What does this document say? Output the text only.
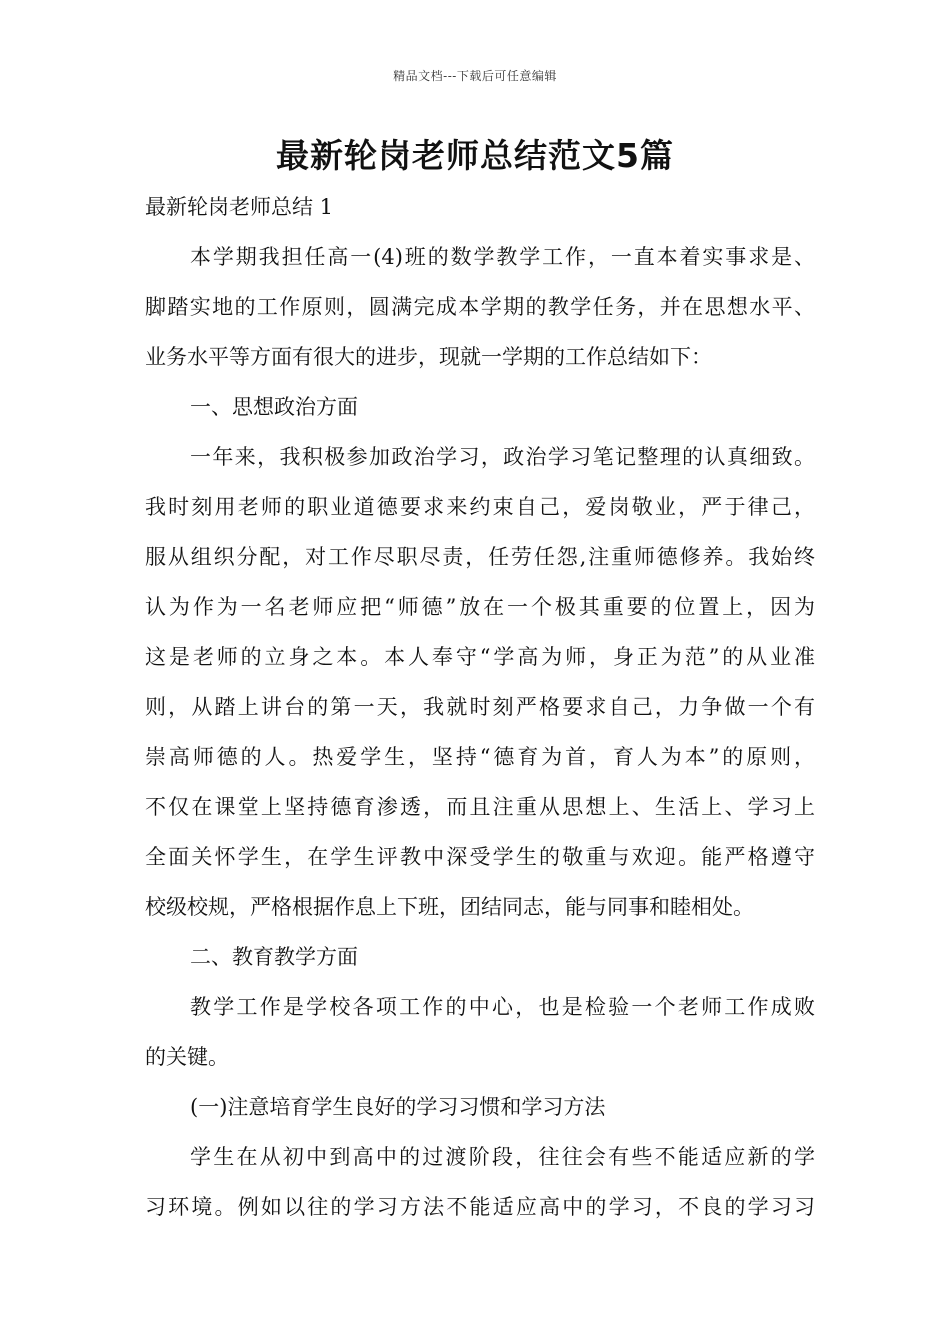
精品文档---下载后可任意编辑
最新轮岗老师总结范文5篇

最新轮岗老师总结 1

本学期我担任高一(4)班的数学教学工作，一直本着实事求是、

脚踏实地的工作原则，圆满完成本学期的教学任务，并在思想水平、

业务水平等方面有很大的进步，现就一学期的工作总结如下：

一、思想政治方面

一年来，我积极参加政治学习，政治学习笔记整理的认真细致。

我时刻用老师的职业道德要求来约束自己，爱岗敬业，严于律己，

服从组织分配，对工作尽职尽责，任劳任怨,注重师德修养。我始终

认为作为一名老师应把“师德”放在一个极其重要的位置上，因为

这是老师的立身之本。本人奉守“学高为师，身正为范”的从业准

则，从踏上讲台的第一天，我就时刻严格要求自己，力争做一个有

崇高师德的人。热爱学生，坚持“德育为首，育人为本”的原则，

不仅在课堂上坚持德育渗透，而且注重从思想上、生活上、学习上

全面关怀学生，在学生评教中深受学生的敬重与欢迎。能严格遵守

校级校规，严格根据作息上下班，团结同志，能与同事和睦相处。

二、教育教学方面

教学工作是学校各项工作的中心，也是检验一个老师工作成败

的关键。

(一)注意培育学生良好的学习习惯和学习方法

学生在从初中到高中的过渡阶段，往往会有些不能适应新的学

习环境。例如以往的学习方法不能适应高中的学习，不良的学习习
